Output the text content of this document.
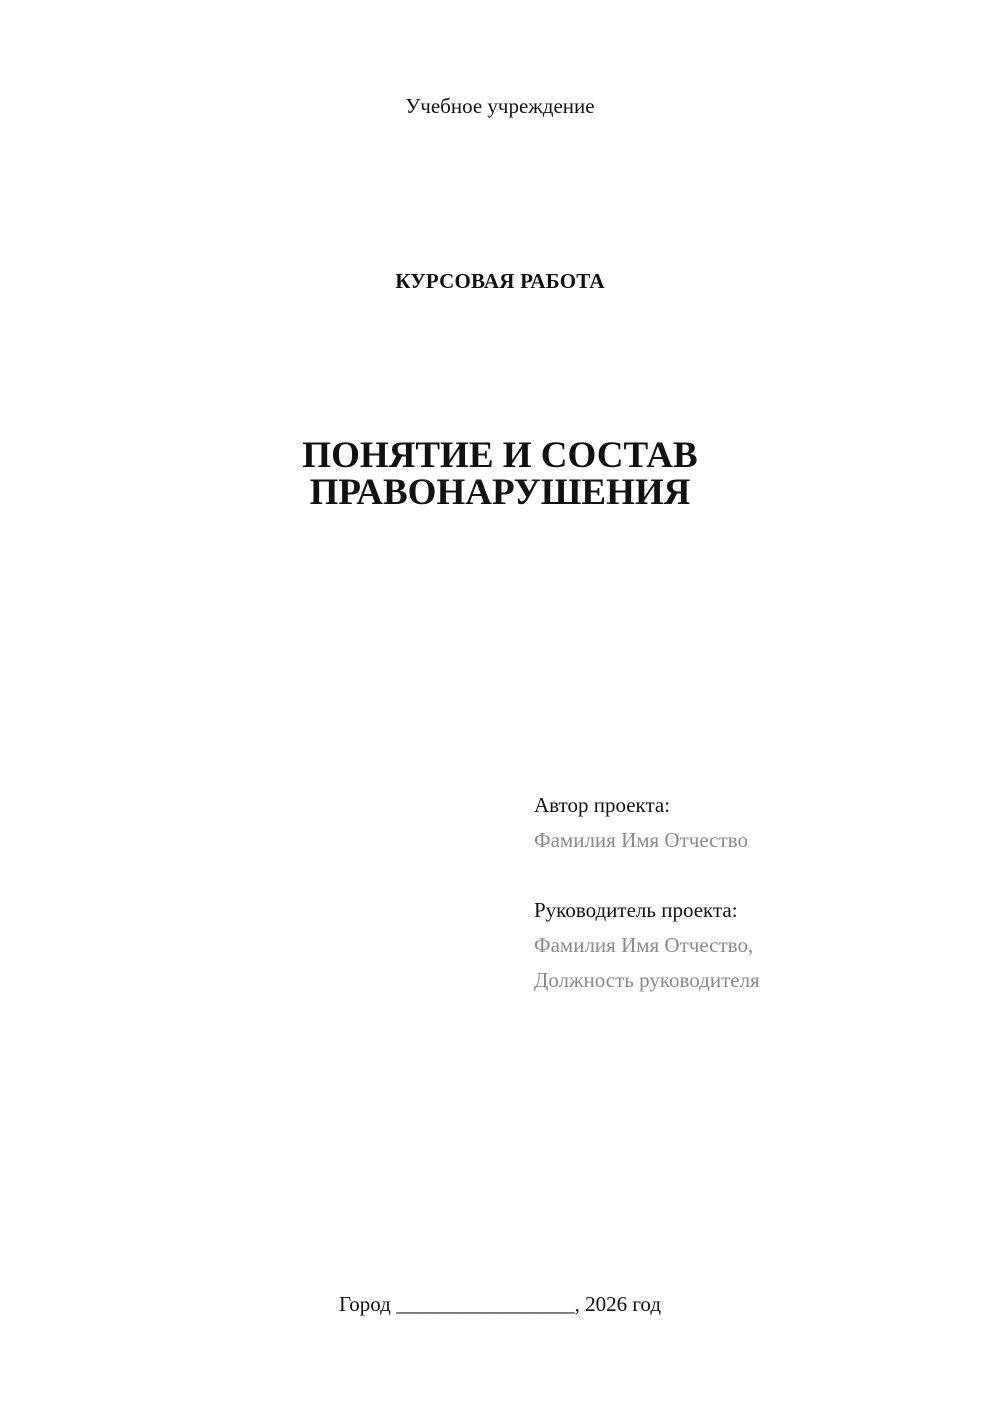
Учебное учреждение
КУРСОВАЯ РАБОТА
ПОНЯТИЕ И СОСТАВ
ПРАВОНАРУШЕНИЯ
Автор проекта:
Фамилия Имя Отчество
Руководитель проекта:
Фамилия Имя Отчество,
Должность руководителя
Город _________________, 2026 год
